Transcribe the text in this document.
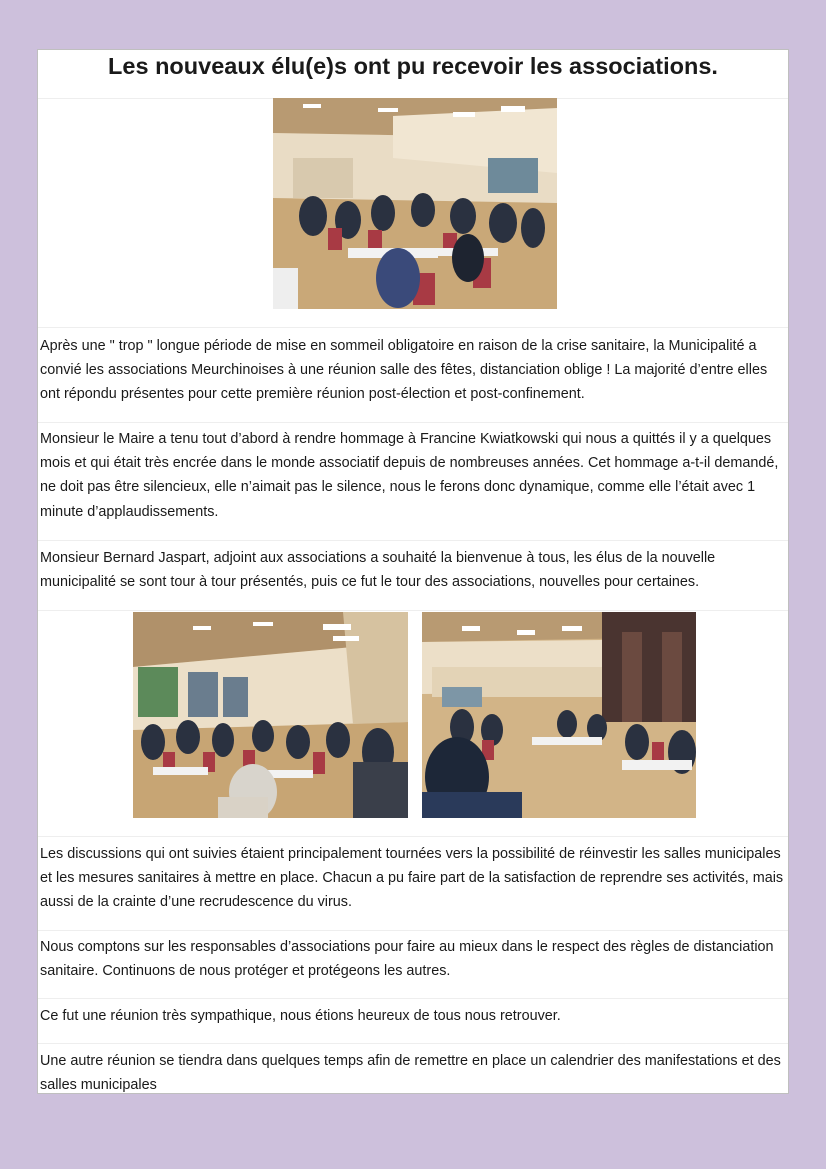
Les nouveaux élu(e)s ont pu recevoir les associations.

Après une " trop " longue période de mise en sommeil obligatoire en raison de la crise sanitaire, la Municipalité a convié les associations Meurchinoises à une réunion salle des fêtes, distanciation oblige ! La majorité d’entre elles ont répondu présentes pour cette première réunion post-élection et post-confinement.

Monsieur le Maire a tenu tout d’abord à rendre hommage à Francine Kwiatkowski qui nous a quittés il y a quelques mois et qui était très encrée dans le monde associatif depuis de nombreuses années. Cet hommage a-t-il demandé, ne doit pas être silencieux, elle n’aimait pas le silence, nous le ferons donc dynamique, comme elle l’était avec 1 minute d’applaudissements.

Monsieur Bernard Jaspart, adjoint aux associations a souhaité la bienvenue à tous, les élus de la nouvelle municipalité se sont tour à tour présentés, puis ce fut le tour des associations, nouvelles pour certaines.

Les discussions qui ont suivies étaient principalement tournées vers la possibilité de réinvestir les salles municipales et les mesures sanitaires à mettre en place. Chacun a pu faire part de la satisfaction de reprendre ses activités, mais aussi de la crainte d’une recrudescence du virus.

Nous comptons sur les responsables d’associations pour faire au mieux dans le respect des règles de distanciation sanitaire. Continuons de nous protéger et protégeons les autres.

Ce fut une réunion très sympathique, nous étions heureux de tous nous retrouver.

Une autre réunion se tiendra dans quelques temps afin de remettre en place un calendrier des manifestations et des salles municipales
